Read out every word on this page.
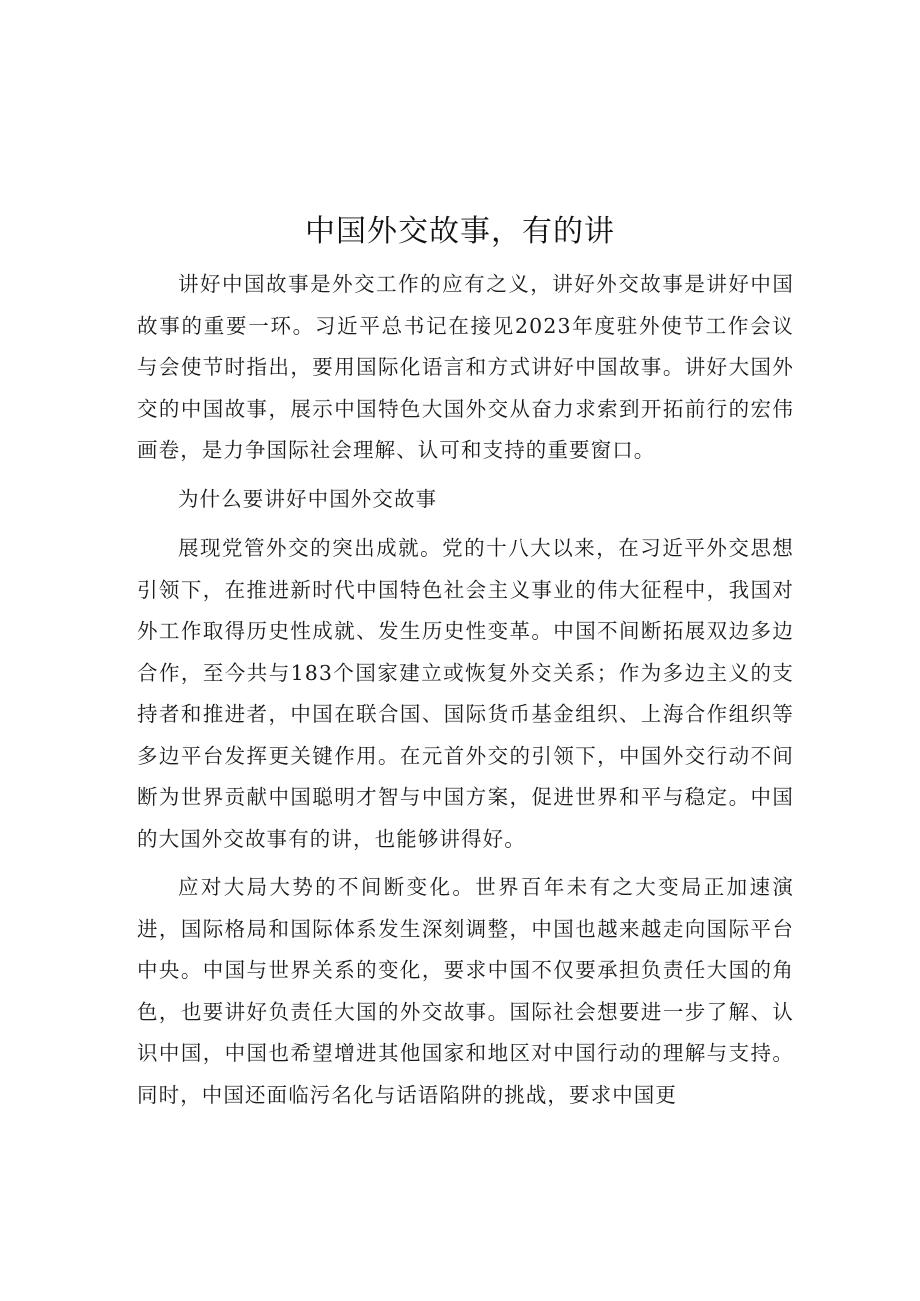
中国外交故事，有的讲

讲好中国故事是外交工作的应有之义，讲好外交故事是讲好中国故事的重要一环。习近平总书记在接见2023年度驻外使节工作会议与会使节时指出，要用国际化语言和方式讲好中国故事。讲好大国外交的中国故事，展示中国特色大国外交从奋力求索到开拓前行的宏伟画卷，是力争国际社会理解、认可和支持的重要窗口。

为什么要讲好中国外交故事

展现党管外交的突出成就。党的十八大以来，在习近平外交思想引领下，在推进新时代中国特色社会主义事业的伟大征程中，我国对外工作取得历史性成就、发生历史性变革。中国不间断拓展双边多边合作，至今共与183个国家建立或恢复外交关系；作为多边主义的支持者和推进者，中国在联合国、国际货币基金组织、上海合作组织等多边平台发挥更关键作用。在元首外交的引领下，中国外交行动不间断为世界贡献中国聪明才智与中国方案，促进世界和平与稳定。中国的大国外交故事有的讲，也能够讲得好。

应对大局大势的不间断变化。世界百年未有之大变局正加速演进，国际格局和国际体系发生深刻调整，中国也越来越走向国际平台中央。中国与世界关系的变化，要求中国不仅要承担负责任大国的角色，也要讲好负责任大国的外交故事。国际社会想要进一步了解、认识中国，中国也希望增进其他国家和地区对中国行动的理解与支持。同时，中国还面临污名化与话语陷阱的挑战，要求中国更
